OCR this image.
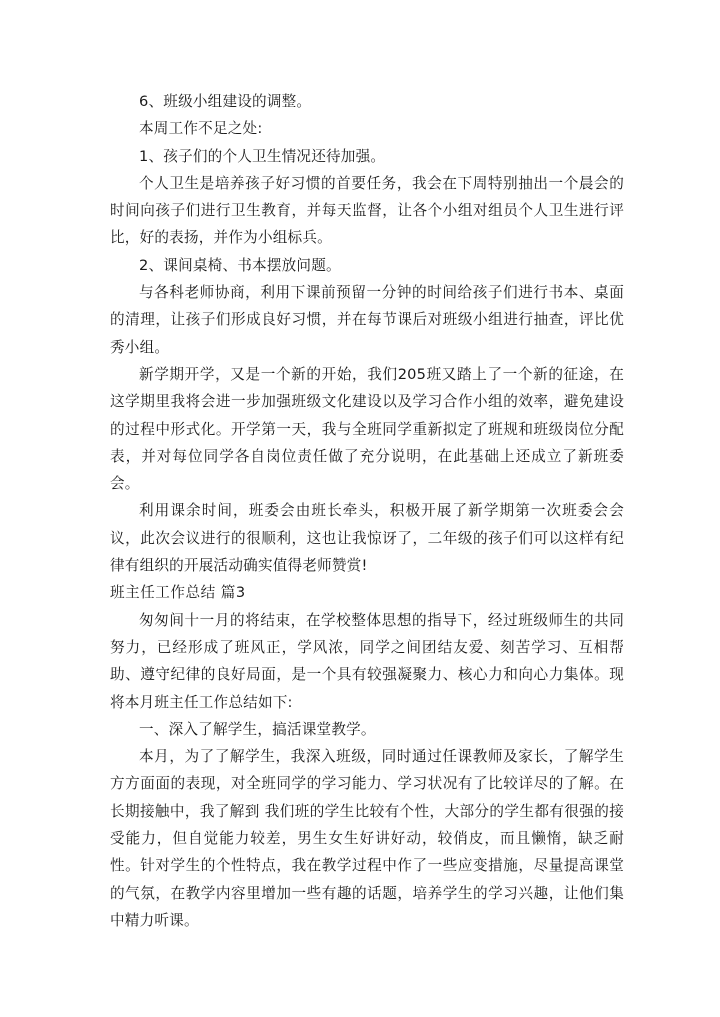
6、班级小组建设的调整。

本周工作不足之处:

1、孩子们的个人卫生情况还待加强。

个人卫生是培养孩子好习惯的首要任务，我会在下周特别抽出一个晨会的时间向孩子们进行卫生教育，并每天监督，让各个小组对组员个人卫生进行评比，好的表扬，并作为小组标兵。

2、课间桌椅、书本摆放问题。

与各科老师协商，利用下课前预留一分钟的时间给孩子们进行书本、桌面的清理，让孩子们形成良好习惯，并在每节课后对班级小组进行抽查，评比优秀小组。

新学期开学，又是一个新的开始，我们205班又踏上了一个新的征途，在这学期里我将会进一步加强班级文化建设以及学习合作小组的效率，避免建设的过程中形式化。开学第一天，我与全班同学重新拟定了班规和班级岗位分配表，并对每位同学各自岗位责任做了充分说明，在此基础上还成立了新班委会。

利用课余时间，班委会由班长牵头，积极开展了新学期第一次班委会会议，此次会议进行的很顺利，这也让我惊讶了，二年级的孩子们可以这样有纪律有组织的开展活动确实值得老师赞赏!

班主任工作总结 篇3

匆匆间十一月的将结束，在学校整体思想的指导下，经过班级师生的共同努力，已经形成了班风正，学风浓，同学之间团结友爱、刻苦学习、互相帮助、遵守纪律的良好局面，是一个具有较强凝聚力、核心力和向心力集体。现将本月班主任工作总结如下:

一、深入了解学生，搞活课堂教学。

本月，为了了解学生，我深入班级，同时通过任课教师及家长，了解学生方方面面的表现，对全班同学的学习能力、学习状况有了比较详尽的了解。在长期接触中，我了解到 我们班的学生比较有个性，大部分的学生都有很强的接受能力，但自觉能力较差，男生女生好讲好动，较俏皮，而且懒惰，缺乏耐性。针对学生的个性特点，我在教学过程中作了一些应变措施，尽量提高课堂的气氛，在教学内容里增加一些有趣的话题，培养学生的学习兴趣，让他们集中精力听课。
